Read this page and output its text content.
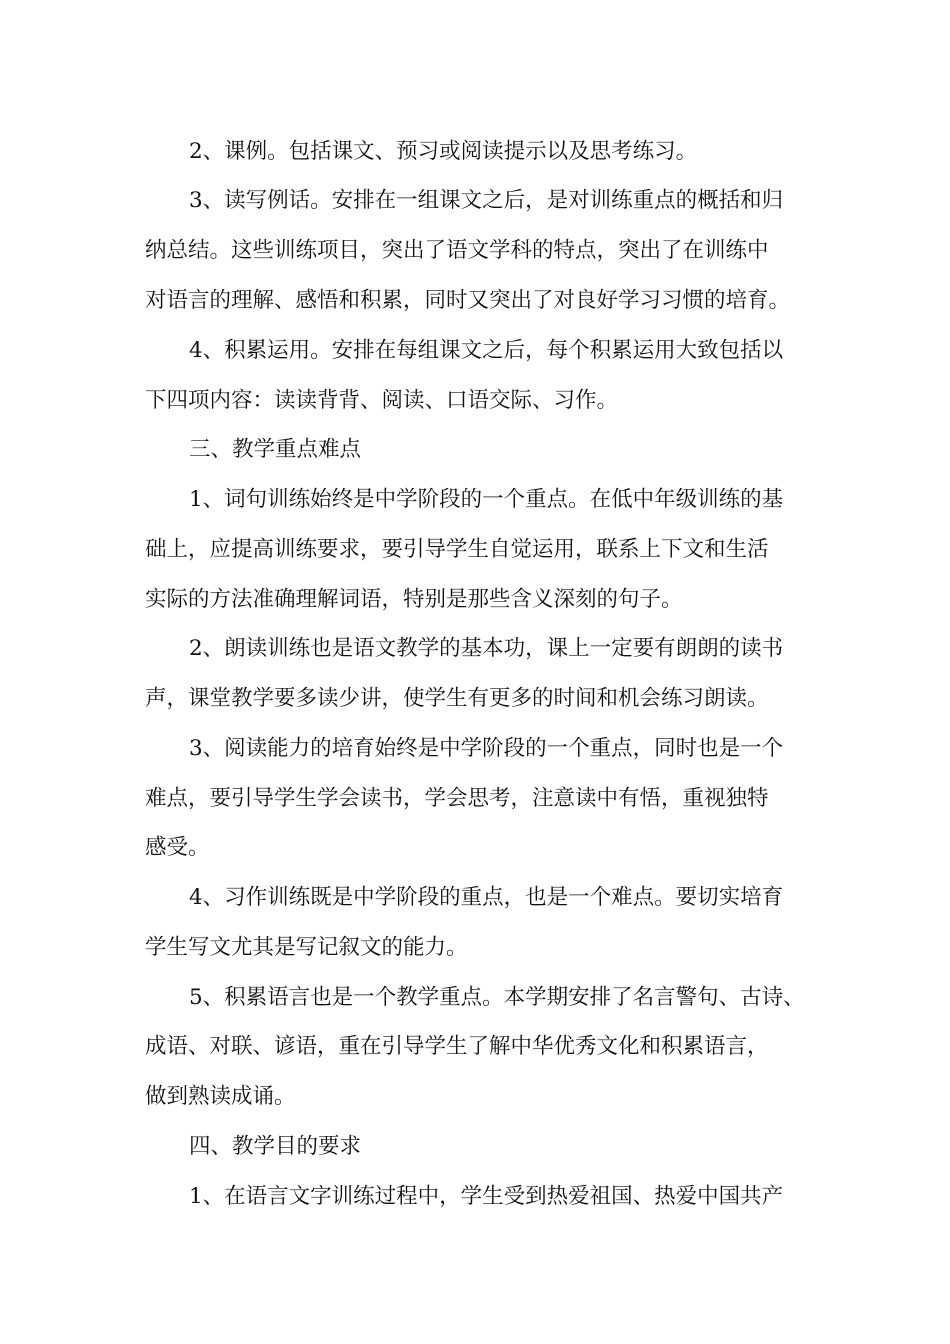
2、课例。包括课文、预习或阅读提示以及思考练习。

3、读写例话。安排在一组课文之后，是对训练重点的概括和归

纳总结。这些训练项目，突出了语文学科的特点，突出了在训练中

对语言的理解、感悟和积累，同时又突出了对良好学习习惯的培育。

4、积累运用。安排在每组课文之后，每个积累运用大致包括以

下四项内容：读读背背、阅读、口语交际、习作。

三、教学重点难点

1、词句训练始终是中学阶段的一个重点。在低中年级训练的基

础上，应提高训练要求，要引导学生自觉运用，联系上下文和生活

实际的方法准确理解词语，特别是那些含义深刻的句子。

2、朗读训练也是语文教学的基本功，课上一定要有朗朗的读书

声，课堂教学要多读少讲，使学生有更多的时间和机会练习朗读。

3、阅读能力的培育始终是中学阶段的一个重点，同时也是一个

难点，要引导学生学会读书，学会思考，注意读中有悟，重视独特

感受。

4、习作训练既是中学阶段的重点，也是一个难点。要切实培育

学生写文尤其是写记叙文的能力。

5、积累语言也是一个教学重点。本学期安排了名言警句、古诗、

成语、对联、谚语，重在引导学生了解中华优秀文化和积累语言，

做到熟读成诵。

四、教学目的要求

1、在语言文字训练过程中，学生受到热爱祖国、热爱中国共产
